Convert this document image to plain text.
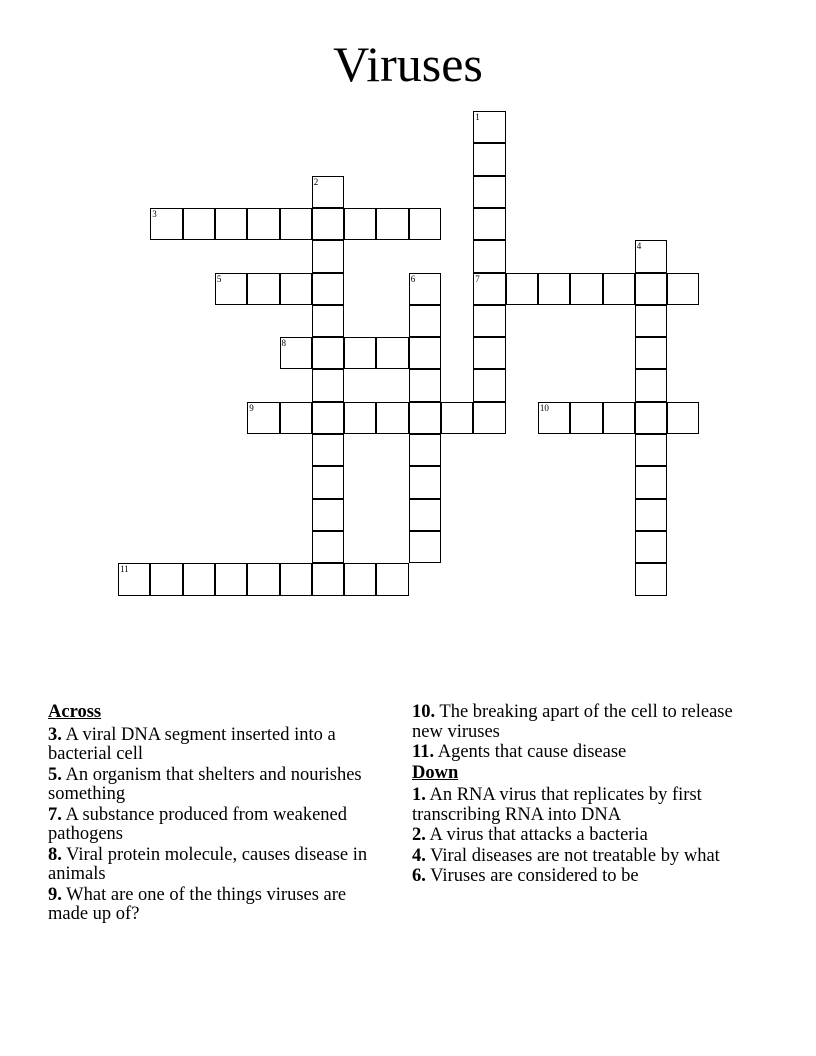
Viruses
1
7
2
3
4
5	6
8
9	10
11
Across
3. A viral DNA segment inserted into a bacterial cell
5. An organism that shelters and nourishes something
7. A substance produced from weakened pathogens
8. Viral protein molecule, causes disease in animals
9. What are one of the things viruses are made up of?
10. The breaking apart of the cell to release new viruses
11. Agents that cause disease
Down
1. An RNA virus that replicates by first transcribing RNA into DNA
2. A virus that attacks a bacteria
4. Viral diseases are not treatable by what
6. Viruses are considered to be
